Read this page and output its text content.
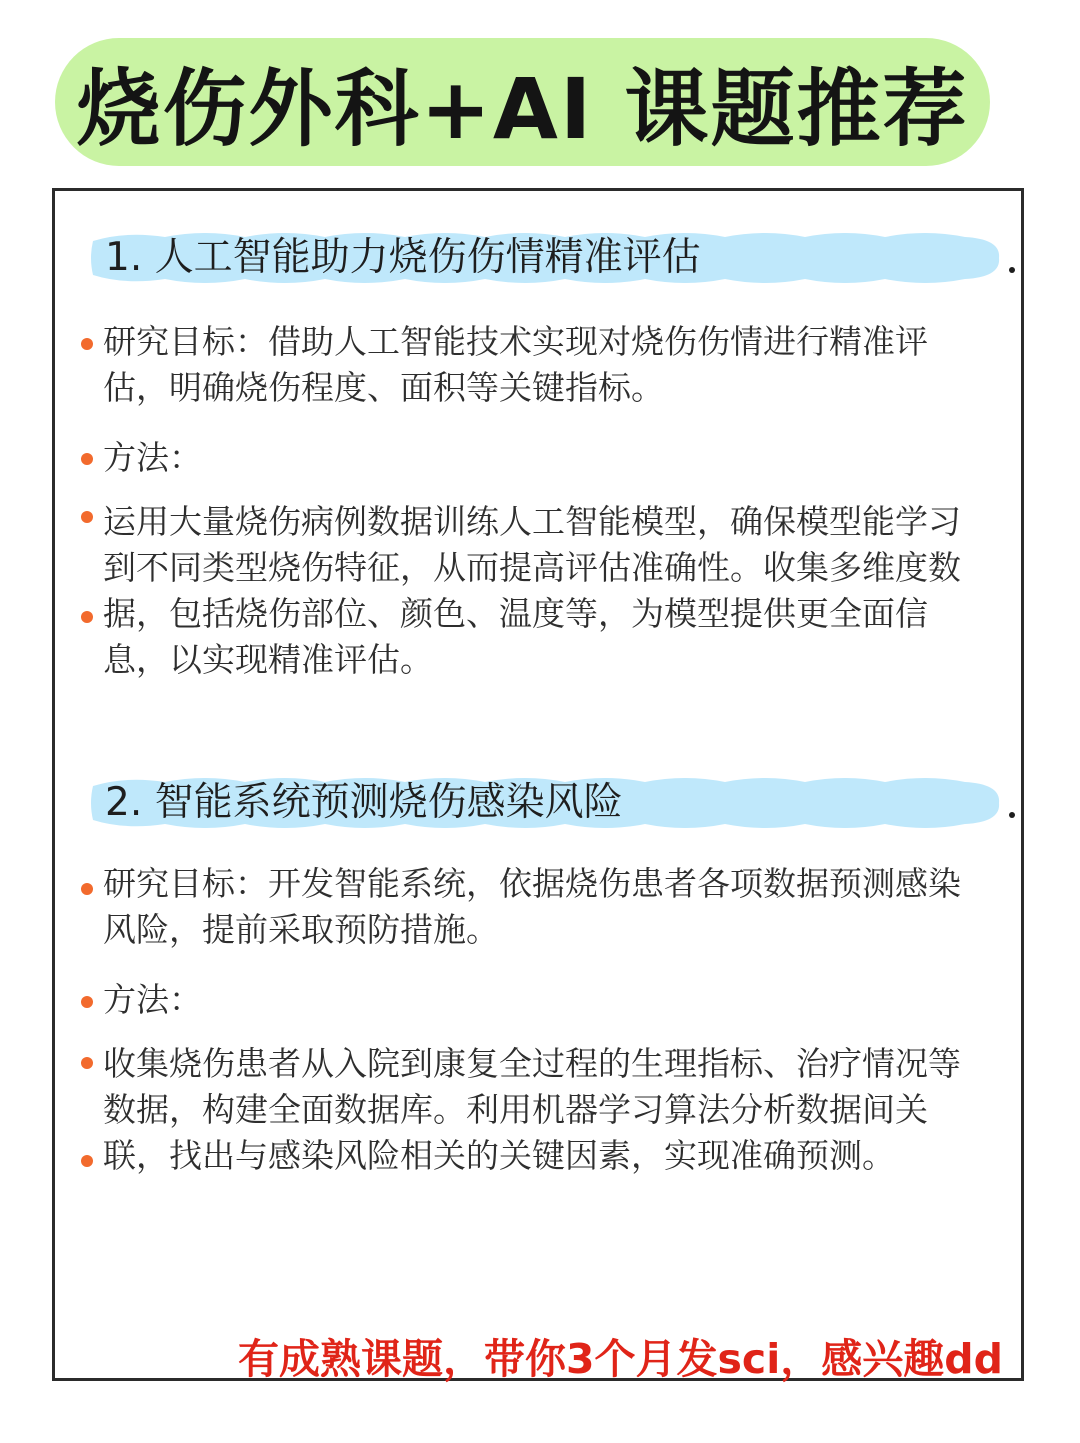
烧伤外科+AI 课题推荐
1. 人工智能助力烧伤伤情精准评估
研究目标：借助人工智能技术实现对烧伤伤情进行精准评估，明确烧伤程度、面积等关键指标。
方法：
运用大量烧伤病例数据训练人工智能模型，确保模型能学习到不同类型烧伤特征，从而提高评估准确性。收集多维度数据，包括烧伤部位、颜色、温度等，为模型提供更全面信息，以实现精准评估。
2. 智能系统预测烧伤感染风险
研究目标：开发智能系统，依据烧伤患者各项数据预测感染风险，提前采取预防措施。
方法：
收集烧伤患者从入院到康复全过程的生理指标、治疗情况等数据，构建全面数据库。利用机器学习算法分析数据间关联，找出与感染风险相关的关键因素，实现准确预测。
有成熟课题，带你3个月发sci，感兴趣dd
